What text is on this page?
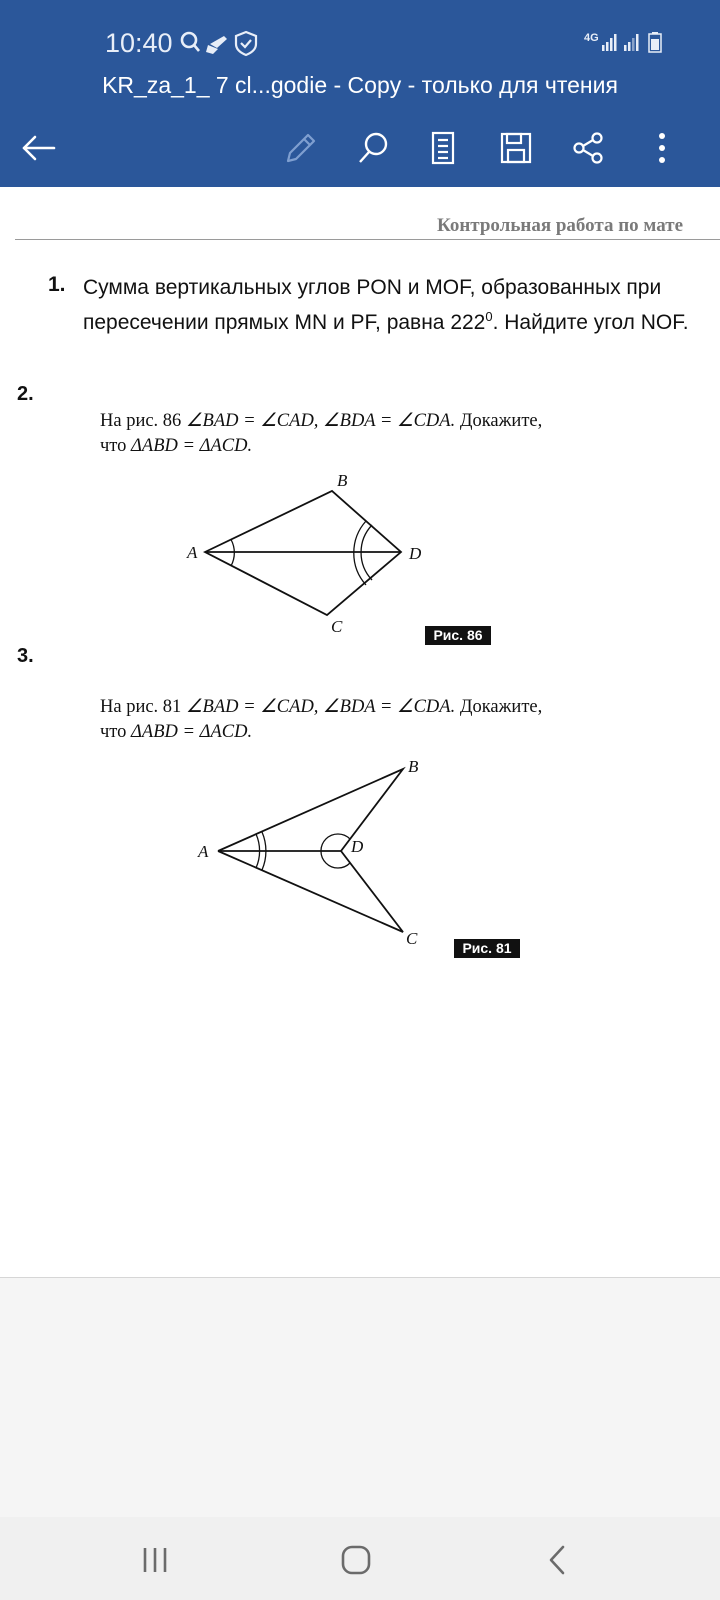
10:40	4G
KR_za_1_ 7 cl...godie - Copy - только для чтения
Контрольная работа по мате
1. Сумма вертикальных углов PON и MOF, образованных при пересечении прямых MN и PF, равна $222^0$. Найдите угол NOF.
2.
На рис. 86 ∠BAD = ∠CAD, ∠BDA = ∠CDA. Докажите,
что ΔABD = ΔACD.
A
B
C
D
Рис. 86
3.
На рис. 81 ∠BAD = ∠CAD, ∠BDA = ∠CDA. Докажите,
что ΔABD = ΔACD.
A
B
C
D
Рис. 81
